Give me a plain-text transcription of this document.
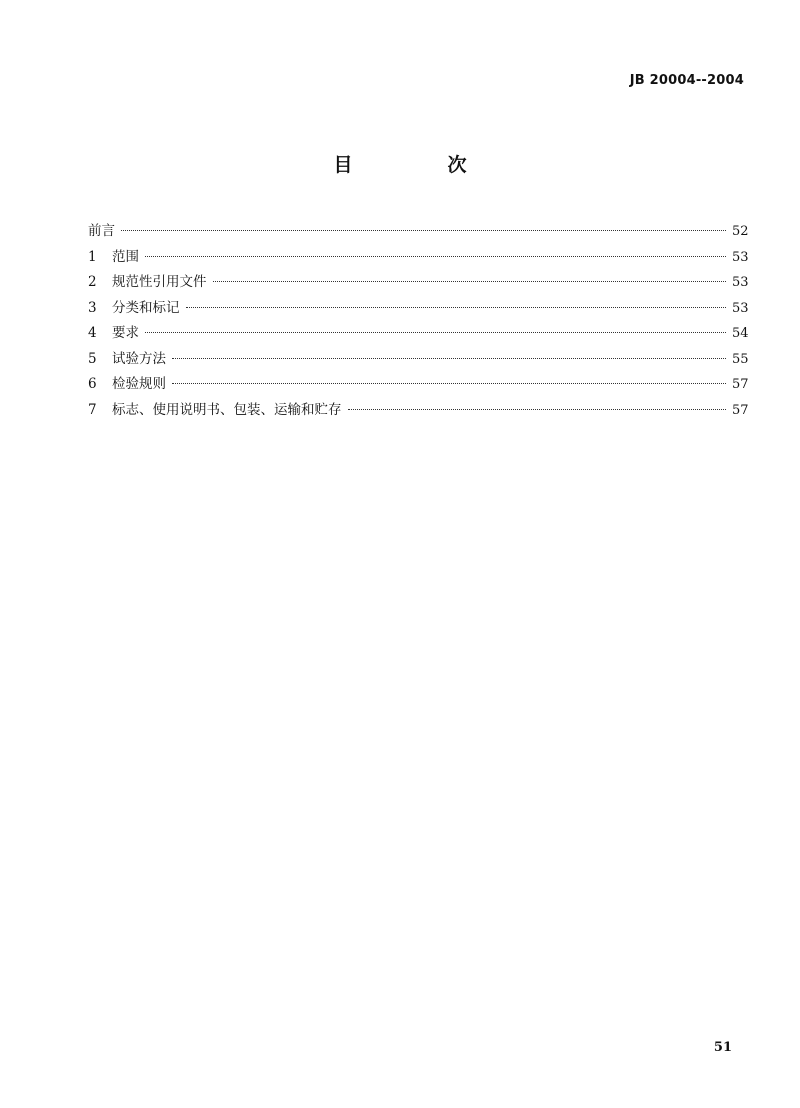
JB 20004--2004
目　次
前言	52
1	范围	53
2	规范性引用文件	53
3	分类和标记	53
4	要求	54
5	试验方法	55
6	检验规则	57
7	标志、使用说明书、包装、运输和贮存	57
51
